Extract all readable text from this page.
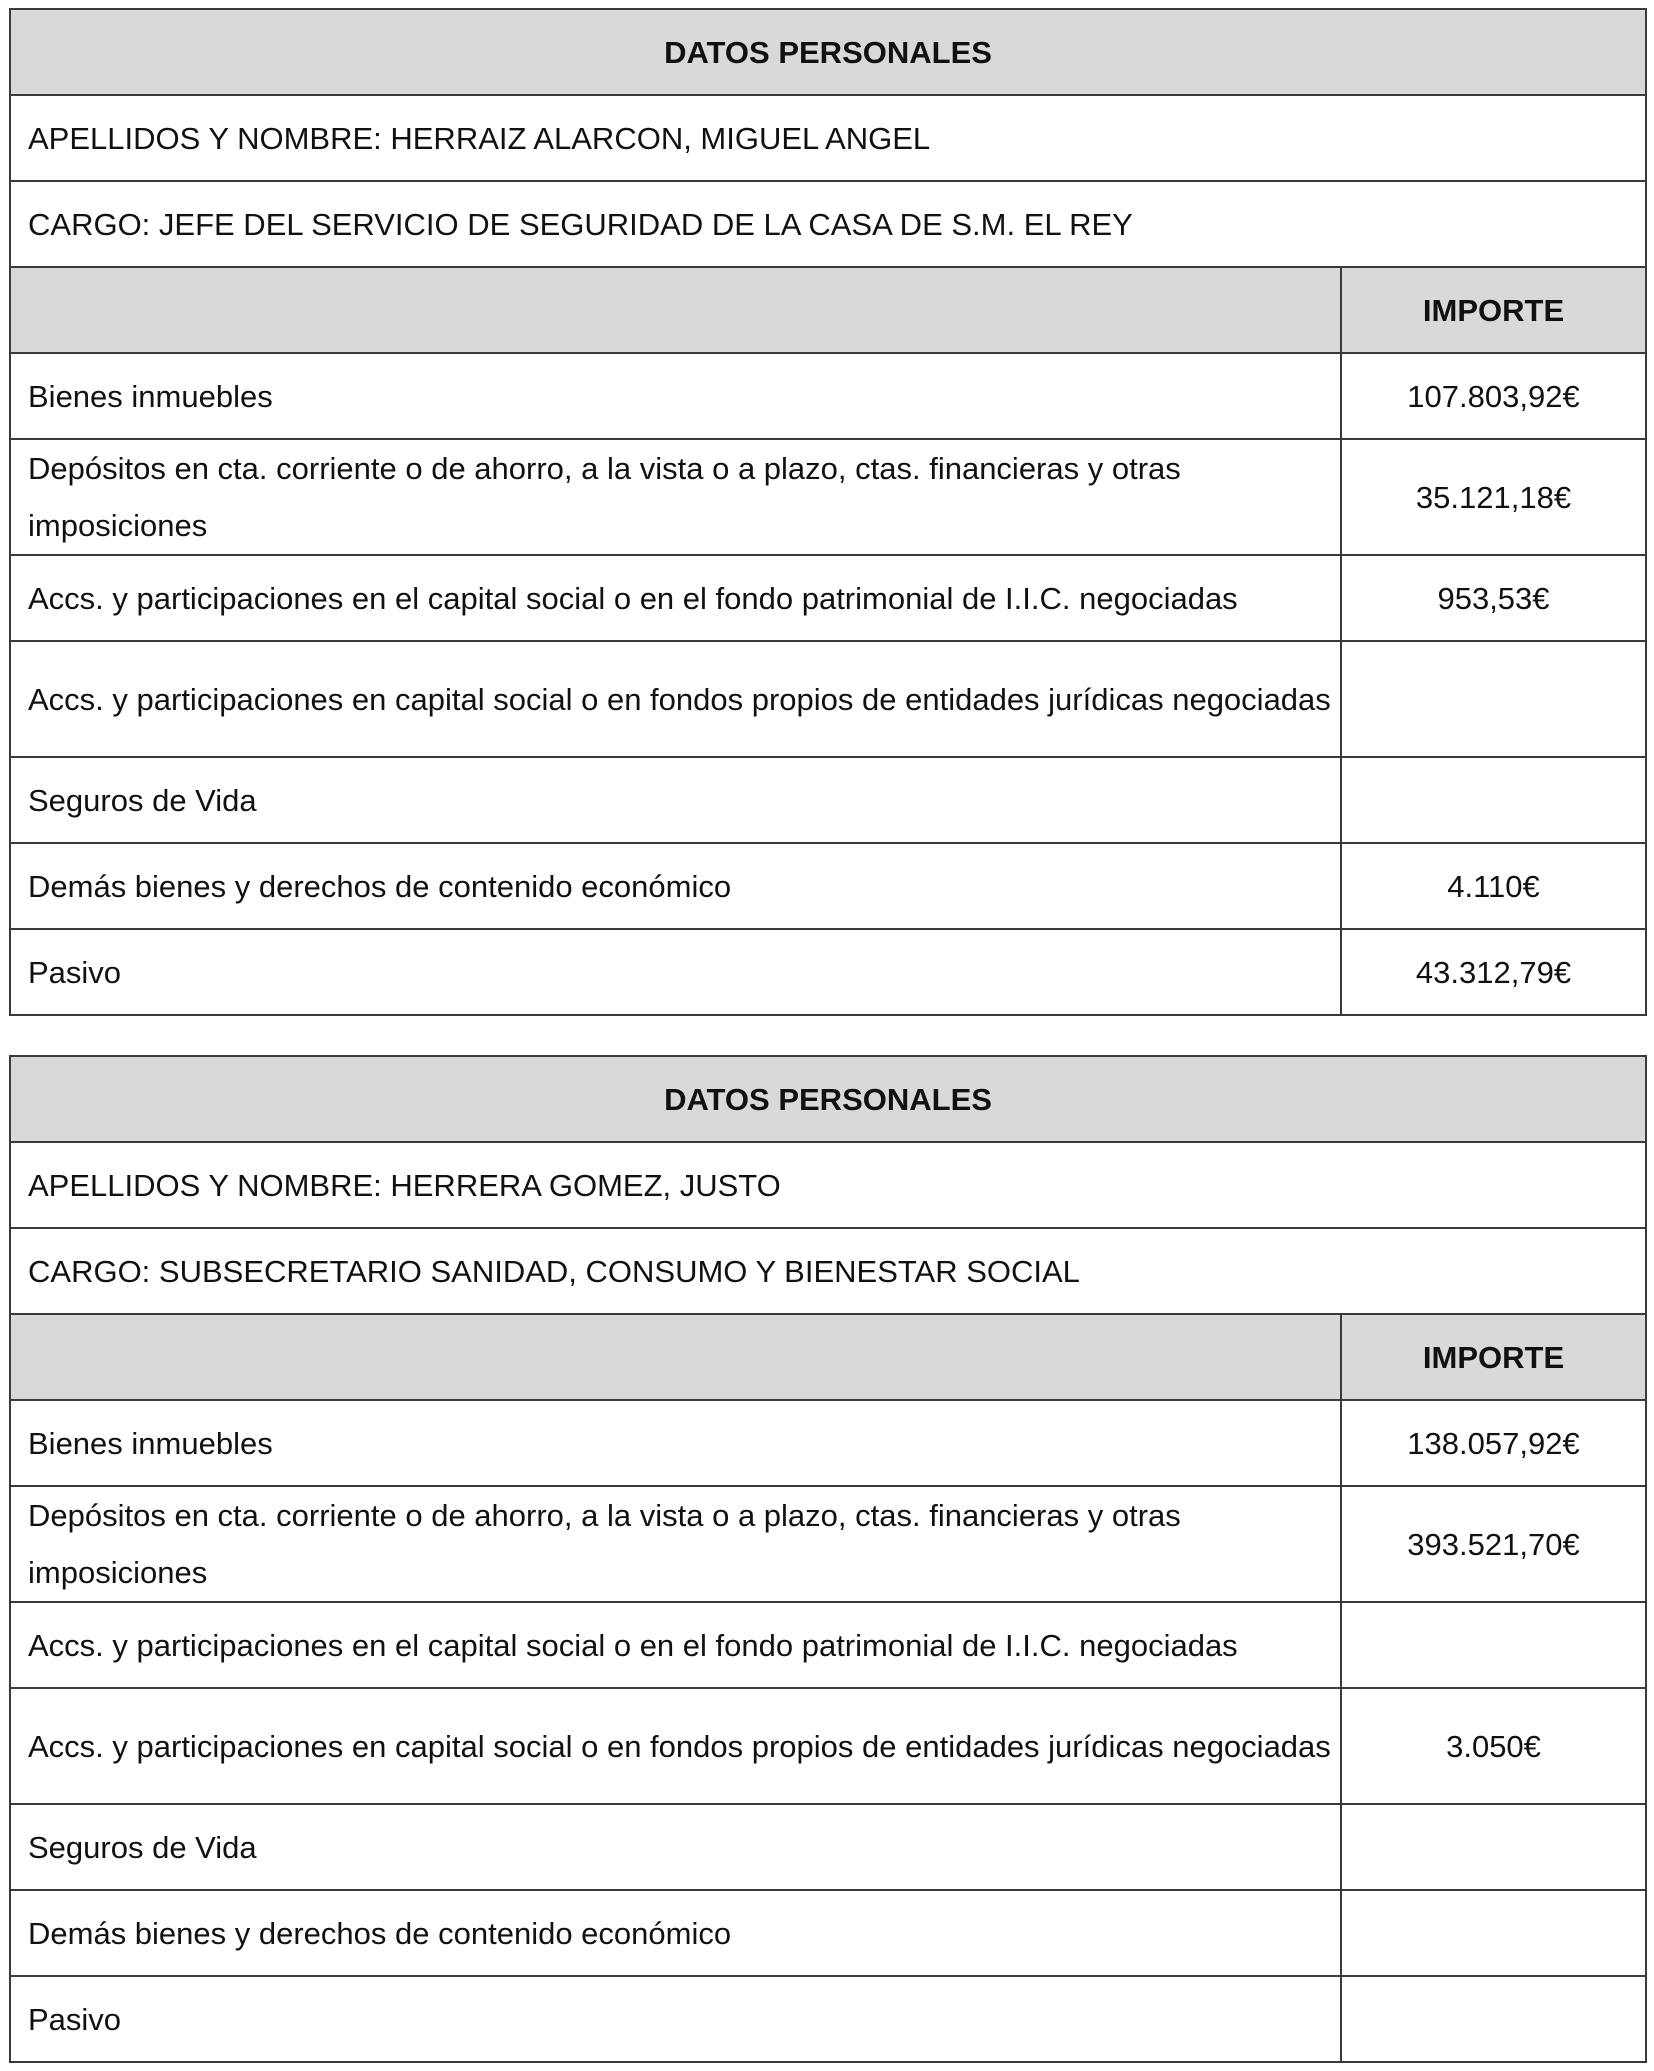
DATOS PERSONALES	
APELLIDOS Y NOMBRE: HERRAIZ ALARCON, MIGUEL ANGEL	
CARGO: JEFE DEL SERVICIO DE SEGURIDAD DE LA CASA DE S.M. EL REY	
	IMPORTE
Bienes inmuebles	107.803,92€
Depósitos en cta. corriente o de ahorro, a la vista o a plazo, ctas. financieras y otras imposiciones	35.121,18€
Accs. y participaciones en el capital social o en el fondo patrimonial de I.I.C. negociadas	953,53€
Accs. y participaciones en capital social o en fondos propios de entidades jurídicas negociadas	
Seguros de Vida	
Demás bienes y derechos de contenido económico	4.110€
Pasivo	43.312,79€
DATOS PERSONALES	
APELLIDOS Y NOMBRE: HERRERA GOMEZ, JUSTO	
CARGO: SUBSECRETARIO SANIDAD, CONSUMO Y BIENESTAR SOCIAL	
	IMPORTE
Bienes inmuebles	138.057,92€
Depósitos en cta. corriente o de ahorro, a la vista o a plazo, ctas. financieras y otras imposiciones	393.521,70€
Accs. y participaciones en el capital social o en el fondo patrimonial de I.I.C. negociadas	
Accs. y participaciones en capital social o en fondos propios de entidades jurídicas negociadas	3.050€
Seguros de Vida	
Demás bienes y derechos de contenido económico	
Pasivo	
